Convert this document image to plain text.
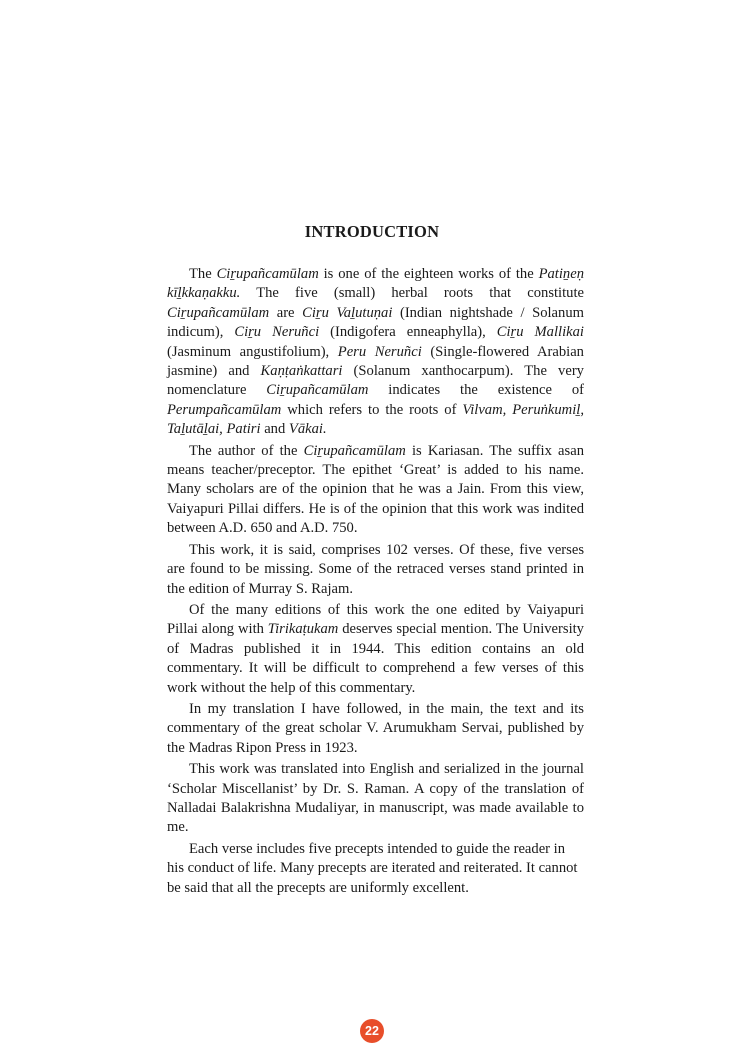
INTRODUCTION

The Ciṟupañcamūlam is one of the eighteen works of the Patiṉeṇ kīḻkkaṇakku. The five (small) herbal roots that constitute Ciṟupañcamūlam are Ciṟu Vaḻutuṇai (Indian nightshade / Solanum indicum), Ciṟu Neruñci (Indigofera enneaphylla), Ciṟu Mallikai (Jasminum angustifolium), Peru Neruñci (Single-flowered Arabian jasmine) and Kaṇṭaṅkattari (Solanum xanthocarpum). The very nomenclature Ciṟupañcamūlam indicates the existence of Perumpañcamūlam which refers to the roots of Vilvam, Peruṅkumiḻ, Taḻutāḻai, Patiri and Vākai.

The author of the Ciṟupañcamūlam is Kariasan. The suffix asan means teacher/preceptor. The epithet ‘Great’ is added to his name. Many scholars are of the opinion that he was a Jain. From this view, Vaiyapuri Pillai differs. He is of the opinion that this work was indited between A.D. 650 and A.D. 750.

This work, it is said, comprises 102 verses. Of these, five verses are found to be missing. Some of the retraced verses stand printed in the edition of Murray S. Rajam.

Of the many editions of this work the one edited by Vaiyapuri Pillai along with Tirikaṭukam deserves special mention. The University of Madras published it in 1944. This edition contains an old commentary. It will be difficult to comprehend a few verses of this work without the help of this commentary.

In my translation I have followed, in the main, the text and its commentary of the great scholar V. Arumukham Servai, published by the Madras Ripon Press in 1923.

This work was translated into English and serialized in the journal ‘Scholar Miscellanist’ by Dr. S. Raman. A copy of the translation of Nalladai Balakrishna Mudaliyar, in manuscript, was made available to me.

Each verse includes five precepts intended to guide the reader in his conduct of life. Many precepts are iterated and reiterated. It cannot be said that all the precepts are uniformly excellent.

22
